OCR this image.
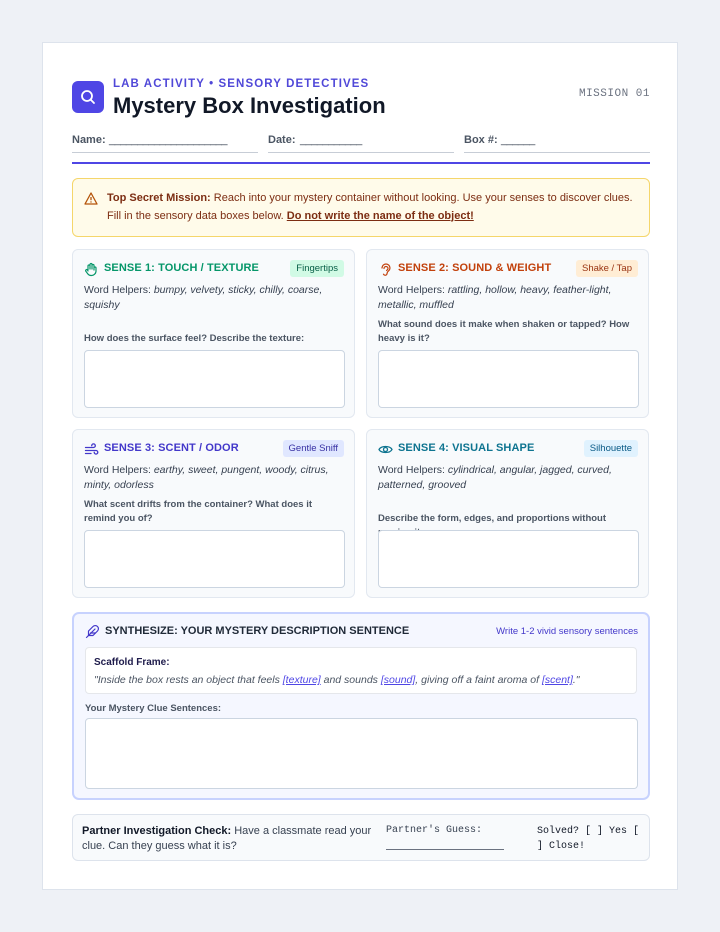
LAB ACTIVITY • SENSORY DETECTIVES
Mystery Box Investigation	MISSION 01
Name: _____________________	Date: ___________	Box #: ______
Top Secret Mission: Reach into your mystery container without looking. Use your senses to discover clues. Fill in the sensory data boxes below. Do not write the name of the object!
SENSE 1: TOUCH / TEXTURE	Fingertips
Word Helpers: bumpy, velvety, sticky, chilly, coarse, squishy
How does the surface feel? Describe the texture:
SENSE 2: SOUND & WEIGHT	Shake / Tap
Word Helpers: rattling, hollow, heavy, feather-light, metallic, muffled
What sound does it make when shaken or tapped? How heavy is it?
SENSE 3: SCENT / ODOR	Gentle Sniff
Word Helpers: earthy, sweet, pungent, woody, citrus, minty, odorless
What scent drifts from the container? What does it remind you of?
SENSE 4: VISUAL SHAPE	Silhouette
Word Helpers: cylindrical, angular, jagged, curved, patterned, grooved
Describe the form, edges, and proportions without
SYNTHESIZE: YOUR MYSTERY DESCRIPTION SENTENCE	Write 1-2 vivid sensory sentences
Scaffold Frame:
"Inside the box rests an object that feels [texture] and sounds [sound], giving off a faint aroma of [scent]."
Your Mystery Clue Sentences:
Partner Investigation Check: Have a classmate read your clue. Can they guess what it is?
Partner's Guess:	Solved? [ ] Yes [ ] Close!
